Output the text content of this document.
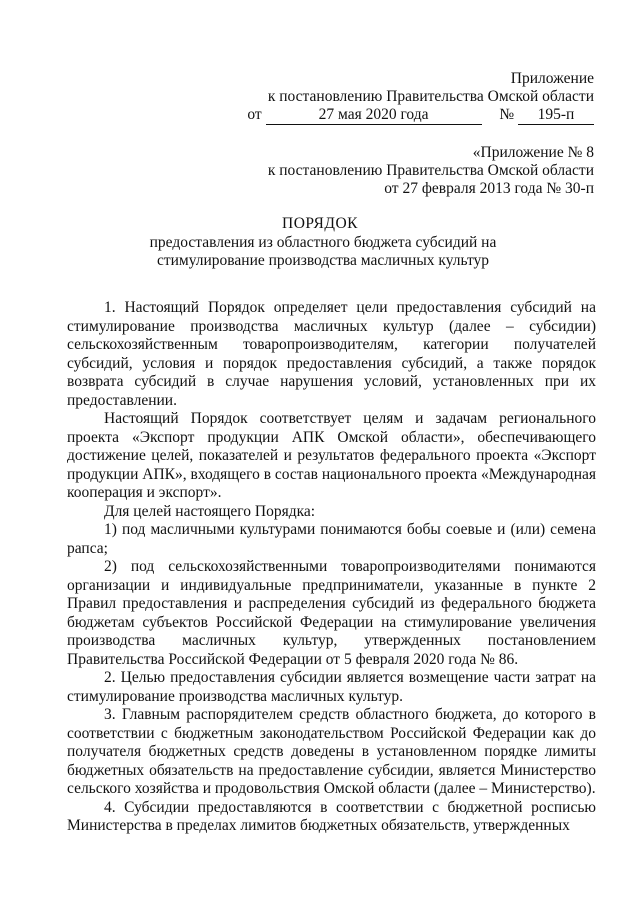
Приложение
к постановлению Правительства Омской области
от	27 мая 2020 года	№ 195-п
«Приложение № 8
к постановлению Правительства Омской области
от 27 февраля 2013 года № 30-п
ПОРЯДОК
предоставления из областного бюджета субсидий на стимулирование производства масличных культур

1. Настоящий Порядок определяет цели предоставления субсидий на стимулирование производства масличных культур (далее – субсидии) сельскохозяйственным товаропроизводителям, категории получателей субсидий, условия и порядок предоставления субсидий, а также порядок возврата субсидий в случае нарушения условий, установленных при их предоставлении.

Настоящий Порядок соответствует целям и задачам регионального проекта «Экспорт продукции АПК Омской области», обеспечивающего достижение целей, показателей и результатов федерального проекта «Экспорт продукции АПК», входящего в состав национального проекта «Международная кооперация и экспорт».

Для целей настоящего Порядка:

1) под масличными культурами понимаются бобы соевые и (или) семена рапса;

2) под сельскохозяйственными товаропроизводителями понимаются организации и индивидуальные предприниматели, указанные в пункте 2 Правил предоставления и распределения субсидий из федерального бюджета бюджетам субъектов Российской Федерации на стимулирование увеличения производства масличных культур, утвержденных постановлением Правительства Российской Федерации от 5 февраля 2020 года № 86.

2. Целью предоставления субсидии является возмещение части затрат на стимулирование производства масличных культур.

3. Главным распорядителем средств областного бюджета, до которого в соответствии с бюджетным законодательством Российской Федерации как до получателя бюджетных средств доведены в установленном порядке лимиты бюджетных обязательств на предоставление субсидии, является Министерство сельского хозяйства и продовольствия Омской области (далее – Министерство).

4. Субсидии предоставляются в соответствии с бюджетной росписью Министерства в пределах лимитов бюджетных обязательств, утвержденных
